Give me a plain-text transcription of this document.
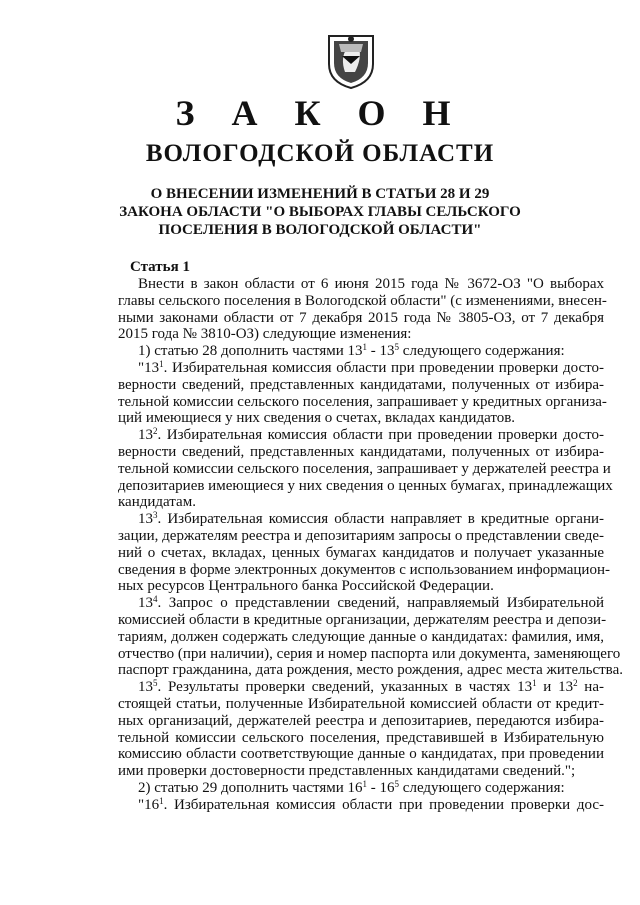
З А К О Н
ВОЛОГОДСКОЙ ОБЛАСТИ
О ВНЕСЕНИИ ИЗМЕНЕНИЙ В СТАТЬИ 28 И 29
ЗАКОНА ОБЛАСТИ "О ВЫБОРАХ ГЛАВЫ СЕЛЬСКОГО
ПОСЕЛЕНИЯ В ВОЛОГОДСКОЙ ОБЛАСТИ"
Статья 1
Внести в закон области от 6 июня 2015 года № 3672-ОЗ "О выборах
главы сельского поселения в Вологодской области" (с изменениями, внесен-
ными законами области от 7 декабря 2015 года № 3805-ОЗ, от 7 декабря
2015 года № 3810-ОЗ) следующие изменения:
1) статью 28 дополнить частями $13^1 - 13^5$ следующего содержания:
"$13^1$. Избирательная комиссия области при проведении проверки досто-
верности сведений, представленных кандидатами, полученных от избира-
тельной комиссии сельского поселения, запрашивает у кредитных организа-
ций имеющиеся у них сведения о счетах, вкладах кандидатов.
$13^2$. Избирательная комиссия области при проведении проверки досто-
верности сведений, представленных кандидатами, полученных от избира-
тельной комиссии сельского поселения, запрашивает у держателей реестра и
депозитариев имеющиеся у них сведения о ценных бумагах, принадлежащих
кандидатам.
$13^3$. Избирательная комиссия области направляет в кредитные органи-
зации, держателям реестра и депозитариям запросы о представлении сведе-
ний о счетах, вкладах, ценных бумагах кандидатов и получает указанные
сведения в форме электронных документов с использованием информацион-
ных ресурсов Центрального банка Российской Федерации.
$13^4$. Запрос о представлении сведений, направляемый Избирательной
комиссией области в кредитные организации, держателям реестра и депози-
тариям, должен содержать следующие данные о кандидатах: фамилия, имя,
отчество (при наличии), серия и номер паспорта или документа, заменяющего
паспорт гражданина, дата рождения, место рождения, адрес места жительства.
$13^5$. Результаты проверки сведений, указанных в частях $13^1$ и $13^2$ на-
стоящей статьи, полученные Избирательной комиссией области от кредит-
ных организаций, держателей реестра и депозитариев, передаются избира-
тельной комиссии сельского поселения, представившей в Избирательную
комиссию области соответствующие данные о кандидатах, при проведении
ими проверки достоверности представленных кандидатами сведений.";
2) статью 29 дополнить частями $16^1 - 16^5$ следующего содержания:
"$16^1$. Избирательная комиссия области при проведении проверки дос-
